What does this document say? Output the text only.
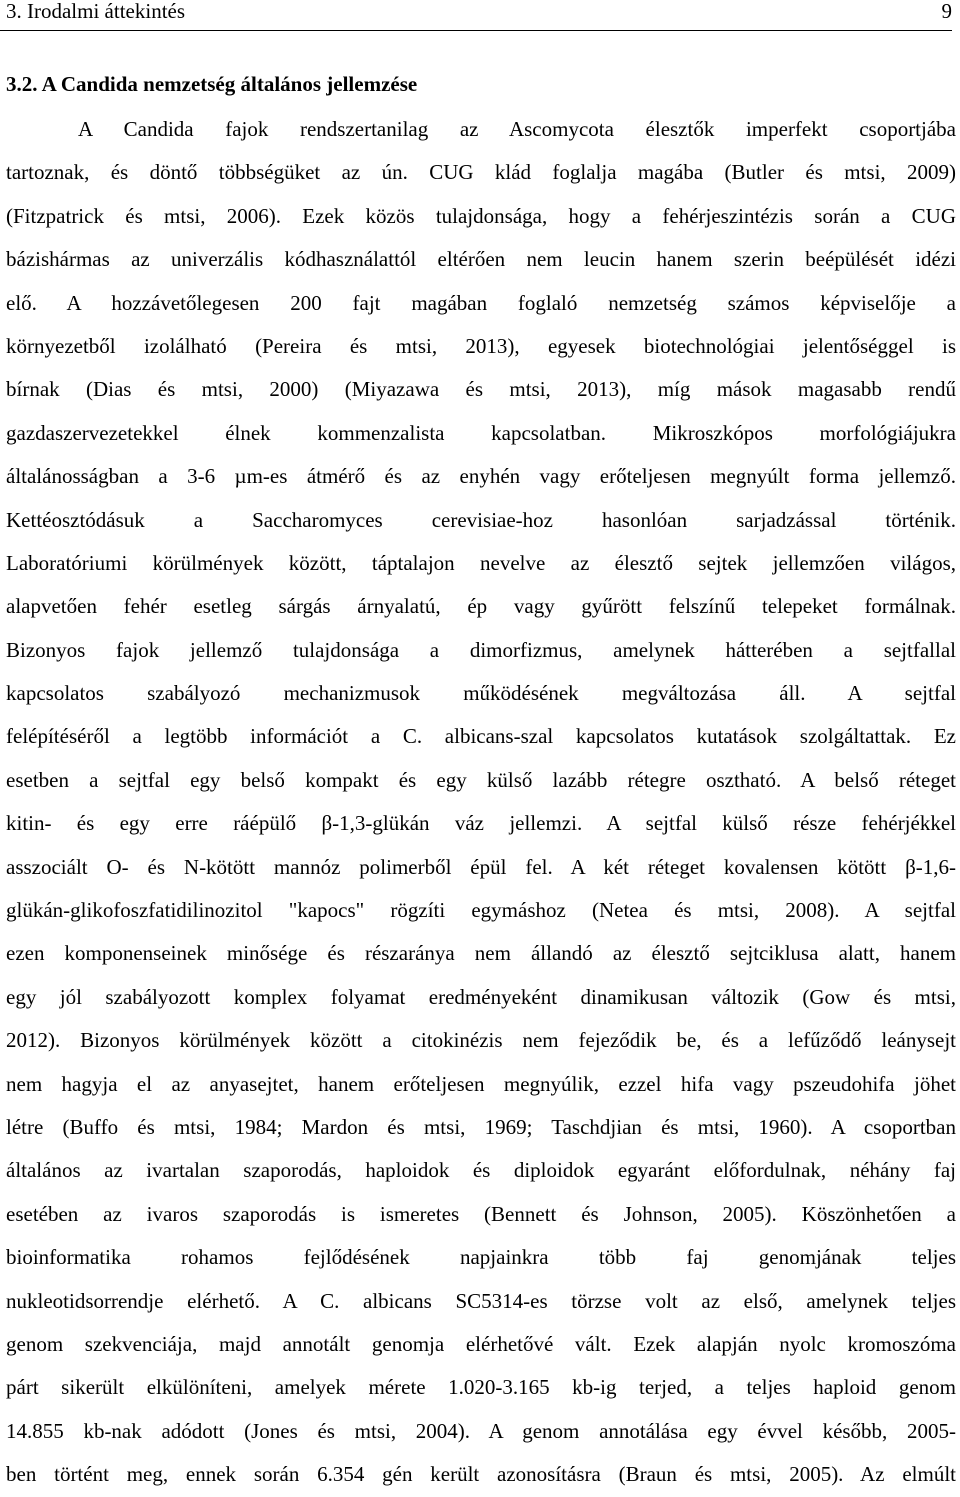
3. Irodalmi áttekintés	9
3.2. A Candida nemzetség általános jellemzése
A Candida fajok rendszertanilag az Ascomycota élesztők imperfekt csoportjába
tartoznak, és döntő többségüket az ún. CUG klád foglalja magába (Butler és mtsi, 2009)
(Fitzpatrick és mtsi, 2006). Ezek közös tulajdonsága, hogy a fehérjeszintézis során a CUG
bázishármas az univerzális kódhasználattól eltérően nem leucin hanem szerin beépülését idézi
elő. A hozzávetőlegesen 200 fajt magában foglaló nemzetség számos képviselője a
környezetből izolálható (Pereira és mtsi, 2013), egyesek biotechnológiai jelentőséggel is
bírnak (Dias és mtsi, 2000) (Miyazawa és mtsi, 2013), míg mások magasabb rendű
gazdaszervezetekkel élnek kommenzalista kapcsolatban. Mikroszkópos morfológiájukra
általánosságban a 3-6 µm-es átmérő és az enyhén vagy erőteljesen megnyúlt forma jellemző.
Kettéosztódásuk a Saccharomyces cerevisiae-hoz hasonlóan sarjadzással történik.
Laboratóriumi körülmények között, táptalajon nevelve az élesztő sejtek jellemzően világos,
alapvetően fehér esetleg sárgás árnyalatú, ép vagy gyűrött felszínű telepeket formálnak.
Bizonyos fajok jellemző tulajdonsága a dimorfizmus, amelynek hátterében a sejtfallal
kapcsolatos szabályozó mechanizmusok működésének megváltozása áll. A sejtfal
felépítéséről a legtöbb információt a C. albicans-szal kapcsolatos kutatások szolgáltattak. Ez
esetben a sejtfal egy belső kompakt és egy külső lazább rétegre osztható. A belső réteget
kitin- és egy erre ráépülő β-1,3-glükán váz jellemzi. A sejtfal külső része fehérjékkel
asszociált O- és N-kötött mannóz polimerből épül fel. A két réteget kovalensen kötött β-1,6-
glükán-glikofoszfatidilinozitol "kapocs" rögzíti egymáshoz (Netea és mtsi, 2008). A sejtfal
ezen komponenseinek minősége és részaránya nem állandó az élesztő sejtciklusa alatt, hanem
egy jól szabályozott komplex folyamat eredményeként dinamikusan változik (Gow és mtsi,
2012). Bizonyos körülmények között a citokinézis nem fejeződik be, és a lefűződő leánysejt
nem hagyja el az anyasejtet, hanem erőteljesen megnyúlik, ezzel hifa vagy pszeudohifa jöhet
létre (Buffo és mtsi, 1984; Mardon és mtsi, 1969; Taschdjian és mtsi, 1960). A csoportban
általános az ivartalan szaporodás, haploidok és diploidok egyaránt előfordulnak, néhány faj
esetében az ivaros szaporodás is ismeretes (Bennett és Johnson, 2005). Köszönhetően a
bioinformatika rohamos fejlődésének napjainkra több faj genomjának teljes
nukleotidsorrendje elérhető. A C. albicans SC5314-es törzse volt az első, amelynek teljes
genom szekvenciája, majd annotált genomja elérhetővé vált. Ezek alapján nyolc kromoszóma
párt sikerült elkülöníteni, amelyek mérete 1.020-3.165 kb-ig terjed, a teljes haploid genom
14.855 kb-nak adódott (Jones és mtsi, 2004). A genom annotálása egy évvel később, 2005-
ben történt meg, ennek során 6.354 gén került azonosításra (Braun és mtsi, 2005). Az elmúlt
